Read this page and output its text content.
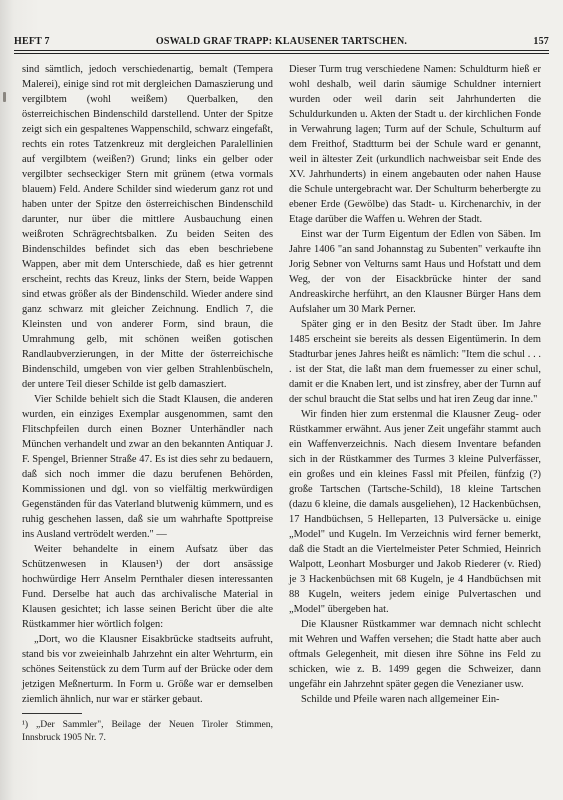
HEFT 7	OSWALD GRAF TRAPP: KLAUSENER TARTSCHEN.	157

sind sämtlich, jedoch verschiedenartig, bemalt (Tempera Malerei), einige sind rot mit dergleichen Damaszierung und vergilbtem (wohl weißem) Querbalken, den österreichischen Bindenschild darstellend. Unter der Spitze zeigt sich ein gespaltenes Wappenschild, schwarz eingefaßt, rechts ein rotes Tatzenkreuz mit dergleichen Paralellinien auf vergilbtem (weißen?) Grund; links ein gelber oder vergilbter sechseckiger Stern mit grünem (etwa vormals blauem) Feld. Andere Schilder sind wiederum ganz rot und haben unter der Spitze den österreichischen Bindenschild darunter, nur über die mittlere Ausbauchung einen weißroten Schrägrechtsbalken. Zu beiden Seiten des Bindenschildes befindet sich das eben beschriebene Wappen, aber mit dem Unterschiede, daß es hier getrennt erscheint, rechts das Kreuz, links der Stern, beide Wappen sind etwas größer als der Bindenschild. Wieder andere sind ganz schwarz mit gleicher Zeichnung. Endlich 7, die Kleinsten und von anderer Form, sind braun, die Umrahmung gelb, mit schönen weißen gotischen Randlaubverzierungen, in der Mitte der österreichische Bindenschild, umgeben von vier gelben Strahlenbüscheln, der untere Teil dieser Schilde ist gelb damasziert.

Vier Schilde behielt sich die Stadt Klausen, die anderen wurden, ein einziges Exemplar ausgenommen, samt den Flitschpfeilen durch einen Bozner Unterhändler nach München verhandelt und zwar an den bekannten Antiquar J. F. Spengel, Brienner Straße 47. Es ist dies sehr zu bedauern, daß sich noch immer die dazu berufenen Behörden, Kommissionen und dgl. von so vielfältig merkwürdigen Gegenständen für das Vaterland blutwenig kümmern, und es ruhig geschehen lassen, daß sie um wahrhafte Spottpreise ins Ausland vertrödelt werden." —

Weiter behandelte in einem Aufsatz über das Schützenwesen in Klausen¹) der dort ansässige hochwürdige Herr Anselm Pernthaler diesen interessanten Fund. Derselbe hat auch das archivalische Material in Klausen gesichtet; ich lasse seinen Bericht über die alte Rüstkammer hier wörtlich folgen:

„Dort, wo die Klausner Eisakbrücke stadtseits aufruht, stand bis vor zweieinhalb Jahrzehnt ein alter Wehrturm, ein schönes Seitenstück zu dem Turm auf der Brücke oder dem jetzigen Meßnerturm. In Form u. Größe war er demselben ziemlich ähnlich, nur war er stärker gebaut.

¹) „Der Sammler", Beilage der Neuen Tiroler Stimmen, Innsbruck 1905 Nr. 7.

Dieser Turm trug verschiedene Namen: Schuldturm hieß er wohl deshalb, weil darin säumige Schuldner interniert wurden oder weil darin seit Jahrhunderten die Schuldurkunden u. Akten der Stadt u. der kirchlichen Fonde in Verwahrung lagen; Turm auf der Schule, Schulturm auf dem Freithof, Stadtturm bei der Schule ward er genannt, weil in ältester Zeit (urkundlich nachweisbar seit Ende des XV. Jahrhunderts) in einem angebauten oder nahen Hause die Schule untergebracht war. Der Schulturm beherbergte zu ebener Erde (Gewölbe) das Stadt- u. Kirchenarchiv, in der Etage darüber die Waffen u. Wehren der Stadt.

Einst war der Turm Eigentum der Edlen von Säben. Im Jahre 1406 "an sand Johannstag zu Subenten" verkaufte ihn Jorig Sebner von Velturns samt Haus und Hofstatt und dem Weg, der von der Eisackbrücke hinter der sand Andreaskirche herführt, an den Klausner Bürger Hans dem Aufslaher um 30 Mark Perner.

Später ging er in den Besitz der Stadt über. Im Jahre 1485 erscheint sie bereits als dessen Eigentümerin. In dem Stadturbar jenes Jahres heißt es nämlich: "Item die schul . . . . ist der Stat, die laßt man dem fruemesser zu einer schul, damit er die Knaben lert, und ist zinsfrey, aber der Turnn auf der schul braucht die Stat selbs und hat iren Zeug dar inne."

Wir finden hier zum erstenmal die Klausner Zeug- oder Rüstkammer erwähnt. Aus jener Zeit ungefähr stammt auch ein Waffenverzeichnis. Nach diesem Inventare befanden sich in der Rüstkammer des Turmes 3 kleine Pulverfässer, ein großes und ein kleines Fassl mit Pfeilen, fünfzig (?) große Tartschen (Tartsche-Schild), 18 kleine Tartschen (dazu 6 kleine, die damals ausgeliehen), 12 Hackenbüchsen, 17 Handbüchsen, 5 Helleparten, 13 Pulversäcke u. einige „Model" und Kugeln. Im Verzeichnis wird ferner bemerkt, daß die Stadt an die Viertelmeister Peter Schmied, Heinrich Walpott, Leonhart Mosburger und Jakob Riederer (v. Ried) je 3 Hackenbüchsen mit 68 Kugeln, je 4 Handbüchsen mit 88 Kugeln, weiters jedem einige Pulvertaschen und „Model" übergeben hat.

Die Klausner Rüstkammer war demnach nicht schlecht mit Wehren und Waffen versehen; die Stadt hatte aber auch oftmals Gelegenheit, mit diesen ihre Söhne ins Feld zu schicken, wie z. B. 1499 gegen die Schweizer, dann ungefähr ein Jahrzehnt später gegen die Venezianer usw.

Schilde und Pfeile waren nach allgemeiner Ein-
